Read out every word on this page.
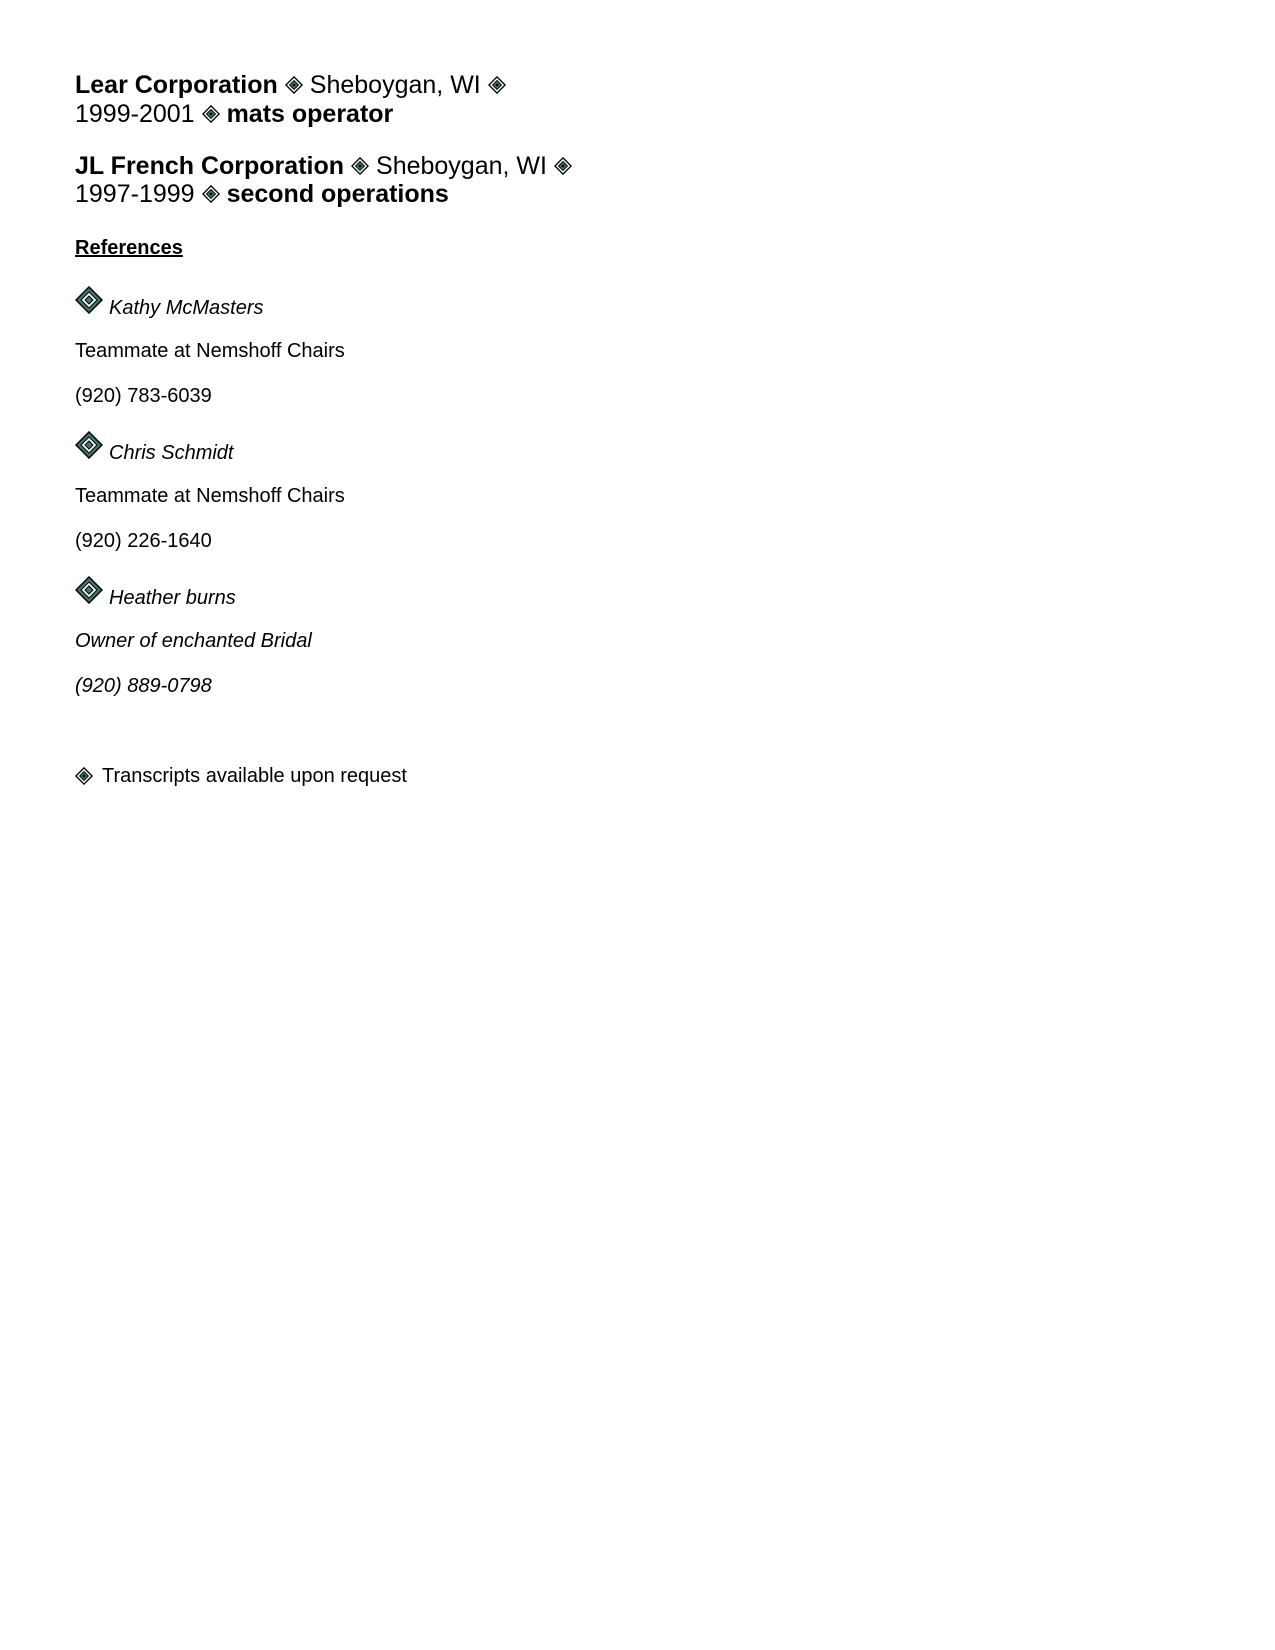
Lear Corporation Sheboygan, WI
1999-2001 mats operator
JL French Corporation Sheboygan, WI
1997-1999 second operations
References
Kathy McMasters
Teammate at Nemshoff Chairs
(920) 783-6039
Chris Schmidt
Teammate at Nemshoff Chairs
(920) 226-1640
Heather burns
Owner of enchanted Bridal
(920) 889-0798
Transcripts available upon request
